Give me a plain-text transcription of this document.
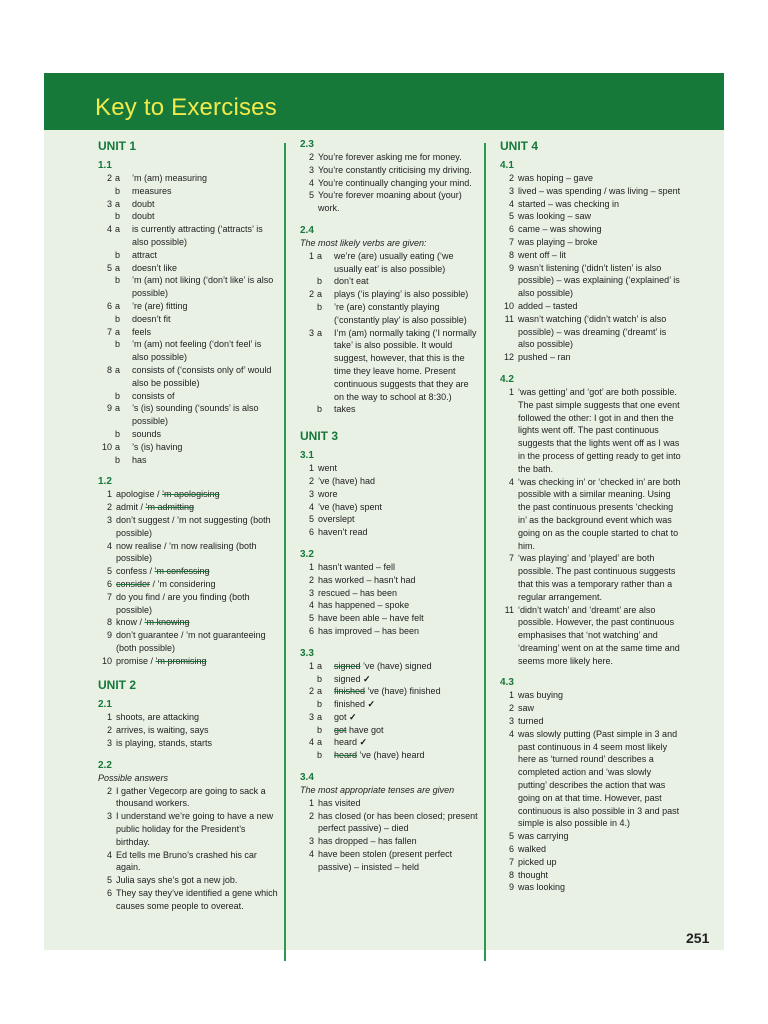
Key to Exercises
UNIT 1
1.1
2 a	’m (am) measuring
b	measures
3 a	doubt
b	doubt
4 a	is currently attracting (‘attracts’ is also possible)
b	attract
5 a	doesn’t like
b	’m (am) not liking (‘don’t like’ is also possible)
6 a	’re (are) fitting
b	doesn’t fit
7 a	feels
b	’m (am) not feeling (‘don’t feel’ is also possible)
8 a	consists of (‘consists only of’ would also be possible)
b	consists of
9 a	’s (is) sounding (‘sounds’ is also possible)
b	sounds
10 a	’s (is) having
b	has
1.2
1 apologise / ’m apologising
2 admit / ’m admitting
3 don’t suggest / ’m not suggesting (both possible)
4 now realise / ’m now realising (both possible)
5 confess / ’m confessing
6 consider / ’m considering
7 do you find / are you finding (both possible)
8 know / ’m knowing
9 don’t guarantee / ’m not guaranteeing (both possible)
10 promise / ’m promising
UNIT 2
2.1
1 shoots, are attacking
2 arrives, is waiting, says
3 is playing, stands, starts
2.2
Possible answers
2 I gather Vegecorp are going to sack a thousand workers.
3 I understand we’re going to have a new public holiday for the President’s birthday.
4 Ed tells me Bruno’s crashed his car again.
5 Julia says she’s got a new job.
6 They say they’ve identified a gene which causes some people to overeat.
2.3
2 You’re forever asking me for money.
3 You’re constantly criticising my driving.
4 You’re continually changing your mind.
5 You’re forever moaning about (your) work.
2.4
The most likely verbs are given:
1 a	we’re (are) usually eating (‘we usually eat’ is also possible)
b	don’t eat
2 a	plays (‘is playing’ is also possible)
b	’re (are) constantly playing (‘constantly play’ is also possible)
3 a	I’m (am) normally taking (‘I normally take’ is also possible. It would suggest, however, that this is the time they leave home. Present continuous suggests that they are on the way to school at 8:30.)
b	takes
UNIT 3
3.1
1 went
2 ’ve (have) had
3 wore
4 ’ve (have) spent
5 overslept
6 haven’t read
3.2
1 hasn’t wanted – fell
2 has worked – hasn’t had
3 rescued – has been
4 has happened – spoke
5 have been able – have felt
6 has improved – has been
3.3
1 a	signed ’ve (have) signed
b	signed ✓
2 a	finished ’ve (have) finished
b	finished ✓
3 a	got ✓
b	got have got
4 a	heard ✓
b	heard ’ve (have) heard
3.4
The most appropriate tenses are given
1 has visited
2 has closed (or has been closed; present perfect passive) – died
3 has dropped – has fallen
4 have been stolen (present perfect passive) – insisted – held
UNIT 4
4.1
2 was hoping – gave
3 lived – was spending / was living – spent
4 started – was checking in
5 was looking – saw
6 came – was showing
7 was playing – broke
8 went off – lit
9 wasn’t listening (‘didn’t listen’ is also possible) – was explaining (‘explained’ is also possible)
10 added – tasted
11 wasn’t watching (‘didn’t watch’ is also possible) – was dreaming (‘dreamt’ is also possible)
12 pushed – ran
4.2
1 ‘was getting’ and ‘got’ are both possible. The past simple suggests that one event followed the other: I got in and then the lights went off. The past continuous suggests that the lights went off as I was in the process of getting ready to get into the bath.
4 ‘was checking in’ or ‘checked in’ are both possible with a similar meaning. Using the past continuous presents ‘checking in’ as the background event which was going on as the couple started to chat to him.
7 ‘was playing’ and ‘played’ are both possible. The past continuous suggests that this was a temporary rather than a regular arrangement.
11 ‘didn’t watch’ and ‘dreamt’ are also possible. However, the past continuous emphasises that ‘not watching’ and ‘dreaming’ went on at the same time and seems more likely here.
4.3
1 was buying
2 saw
3 turned
4 was slowly putting (Past simple in 3 and past continuous in 4 seem most likely here as ‘turned round’ describes a completed action and ‘was slowly putting’ describes the action that was going on at that time. However, past continuous is also possible in 3 and past simple is also possible in 4.)
5 was carrying
6 walked
7 picked up
8 thought
9 was looking
251
